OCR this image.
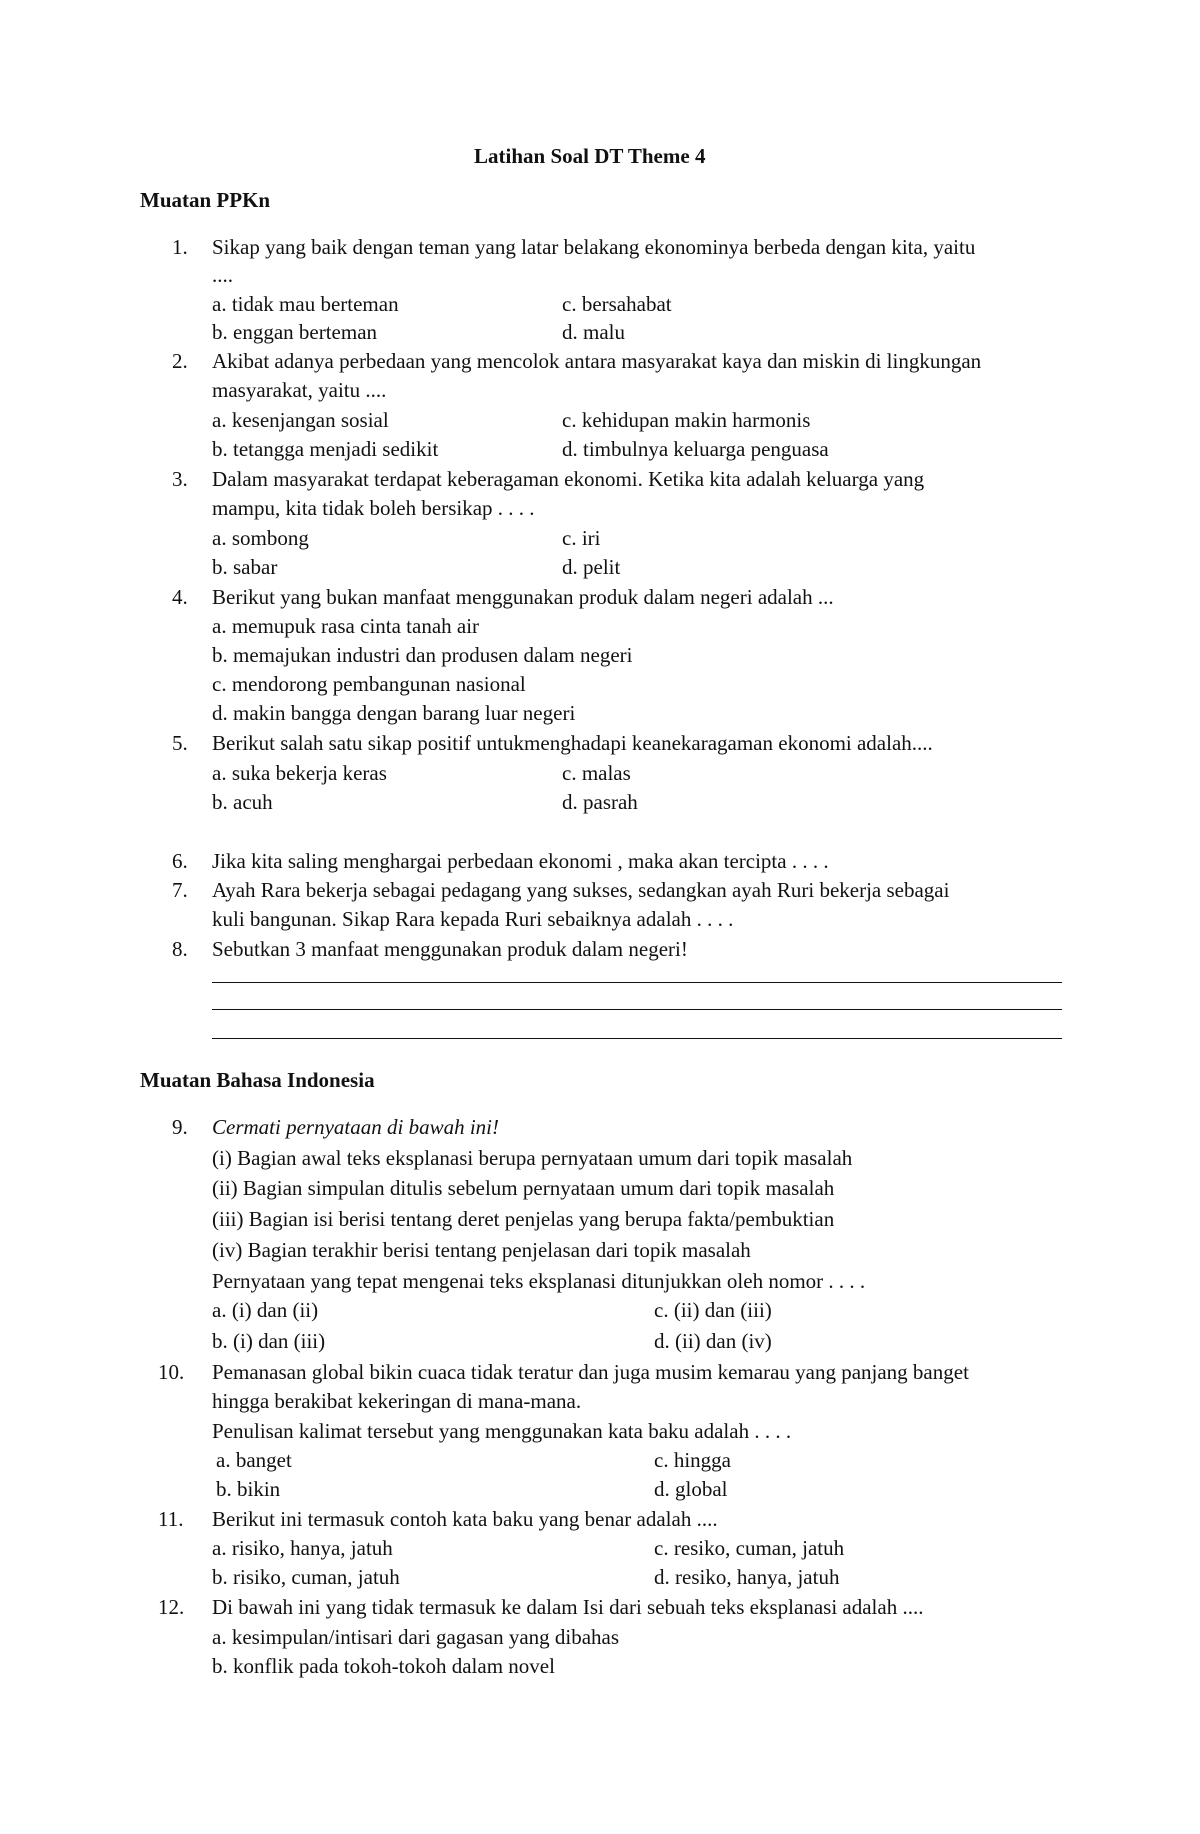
Latihan Soal DT Theme 4
Muatan PPKn
1. Sikap yang baik dengan teman yang latar belakang ekonominya berbeda dengan kita, yaitu
....
a. tidak mau berteman	c. bersahabat
b. enggan berteman	d. malu
2. Akibat adanya perbedaan yang mencolok antara masyarakat kaya dan miskin di lingkungan
masyarakat, yaitu ....
a. kesenjangan sosial	c. kehidupan makin harmonis
b. tetangga menjadi sedikit	d. timbulnya keluarga penguasa
3. Dalam masyarakat terdapat keberagaman ekonomi. Ketika kita adalah keluarga yang
mampu, kita tidak boleh bersikap . . . .
a. sombong	c. iri
b. sabar	d. pelit
4. Berikut yang bukan manfaat menggunakan produk dalam negeri adalah ...
a. memupuk rasa cinta tanah air
b. memajukan industri dan produsen dalam negeri
c. mendorong pembangunan nasional
d. makin bangga dengan barang luar negeri
5. Berikut salah satu sikap positif untukmenghadapi keanekaragaman ekonomi adalah....
a. suka bekerja keras	c. malas
b. acuh	d. pasrah
6. Jika kita saling menghargai perbedaan ekonomi , maka akan tercipta . . . .
7. Ayah Rara bekerja sebagai pedagang yang sukses, sedangkan ayah Ruri bekerja sebagai
kuli bangunan. Sikap Rara kepada Ruri sebaiknya adalah . . . .
8. Sebutkan 3 manfaat menggunakan produk dalam negeri!
Muatan Bahasa Indonesia
9. Cermati pernyataan di bawah ini!
(i) Bagian awal teks eksplanasi berupa pernyataan umum dari topik masalah
(ii) Bagian simpulan ditulis sebelum pernyataan umum dari topik masalah
(iii) Bagian isi berisi tentang deret penjelas yang berupa fakta/pembuktian
(iv) Bagian terakhir berisi tentang penjelasan dari topik masalah
Pernyataan yang tepat mengenai teks eksplanasi ditunjukkan oleh nomor . . . .
a. (i) dan (ii)	c. (ii) dan (iii)
b. (i) dan (iii)	d. (ii) dan (iv)
10. Pemanasan global bikin cuaca tidak teratur dan juga musim kemarau yang panjang banget
hingga berakibat kekeringan di mana-mana.
Penulisan kalimat tersebut yang menggunakan kata baku adalah . . . .
a. banget	c. hingga
b. bikin	d. global
11. Berikut ini termasuk contoh kata baku yang benar adalah ....
a. risiko, hanya, jatuh	c. resiko, cuman, jatuh
b. risiko, cuman, jatuh	d. resiko, hanya, jatuh
12. Di bawah ini yang tidak termasuk ke dalam Isi dari sebuah teks eksplanasi adalah ....
a. kesimpulan/intisari dari gagasan yang dibahas
b. konflik pada tokoh-tokoh dalam novel
